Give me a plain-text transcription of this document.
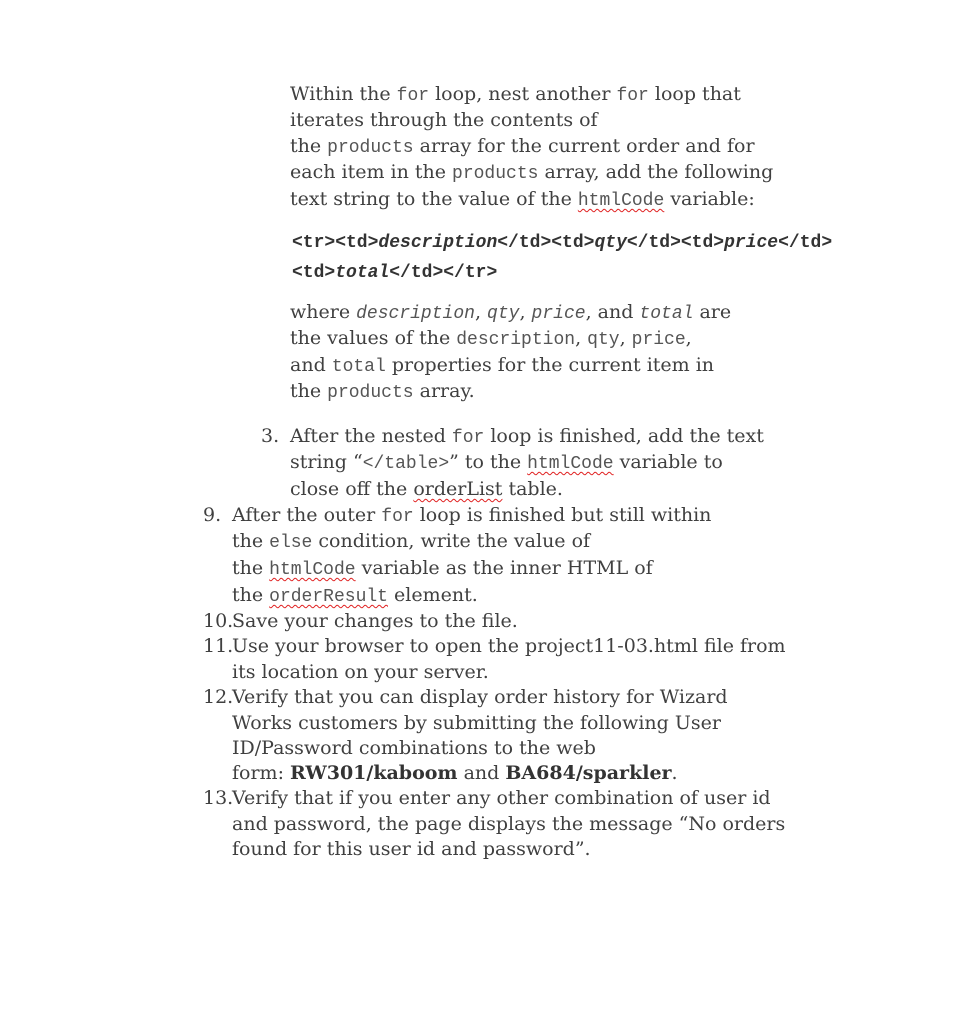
Within the for loop, nest another for loop that
iterates through the contents of
the products array for the current order and for
each item in the products array, add the following
text string to the value of the htmlCode variable:
<tr><td>description</td><td>qty</td><td>price</td>
<td>total</td></tr>
where description, qty, price, and total are
the values of the description, qty, price,
and total properties for the current item in
the products array.
3. After the nested for loop is finished, add the text
string “</table>” to the htmlCode variable to
close off the orderList table.
9. After the outer for loop is finished but still within
the else condition, write the value of
the htmlCode variable as the inner HTML of
the orderResult element.
10.
Save your changes to the file.
11.
Use your browser to open the project11-03.html file from
its location on your server.
12.
Verify that you can display order history for Wizard
Works customers by submitting the following User
ID/Password combinations to the web
form: RW301/kaboom and BA684/sparkler.
13.
Verify that if you enter any other combination of user id
and password, the page displays the message “No orders
found for this user id and password”.
